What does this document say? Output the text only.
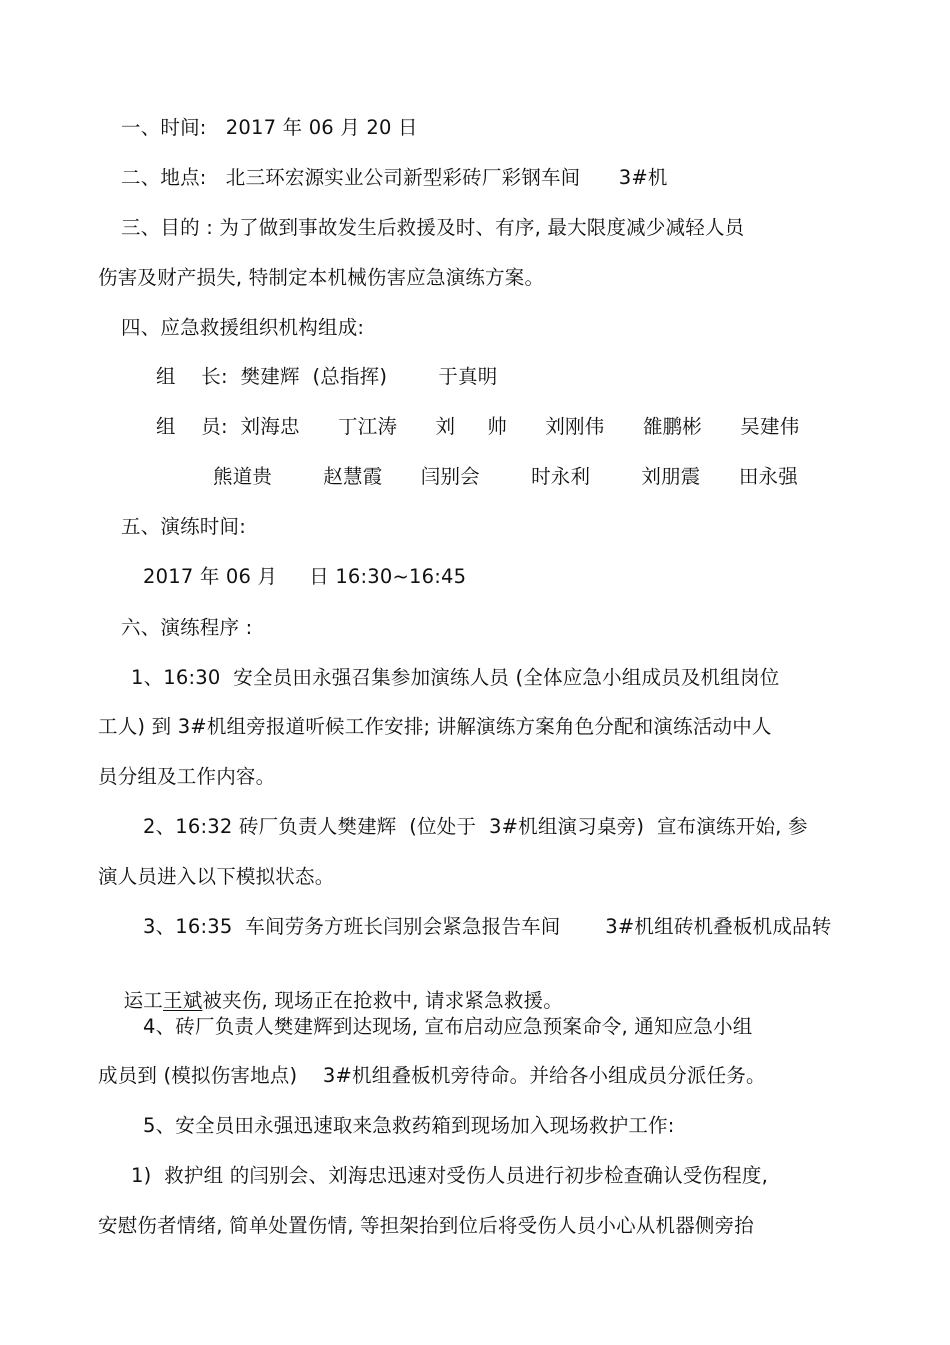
一、时间:   2017 年 06 月 20 日
二、地点:   北三环宏源实业公司新型彩砖厂彩钢车间      3#机
三、目的 : 为了做到事故发生后救援及时、有序, 最大限度减少减轻人员
伤害及财产损失, 特制定本机械伤害应急演练方案。
四、应急救援组织机构组成:
组    长:  樊建辉  (总指挥)        于真明
组    员:  刘海忠      丁江涛      刘     帅      刘刚伟      雒鹏彬      吴建伟
熊道贵        赵慧霞      闫别会        时永利        刘朋震      田永强
五、演练时间:
2017 年 06 月     日 16:30~16:45
六、演练程序 :
1、16:30  安全员田永强召集参加演练人员 (全体应急小组成员及机组岗位
工人) 到 3#机组旁报道听候工作安排; 讲解演练方案角色分配和演练活动中人
员分组及工作内容。
2、16:32 砖厂负责人樊建辉  (位处于  3#机组演习桌旁)  宣布演练开始, 参
演人员进入以下模拟状态。
3、16:35  车间劳务方班长闫别会紧急报告车间       3#机组砖机叠板机成品转

运工王斌被夹伤, 现场正在抢救中, 请求紧急救援。

4、砖厂负责人樊建辉到达现场, 宣布启动应急预案命令, 通知应急小组
成员到 (模拟伤害地点)    3#机组叠板机旁待命。并给各小组成员分派任务。
5、安全员田永强迅速取来急救药箱到现场加入现场救护工作:
1)  救护组 的闫别会、刘海忠迅速对受伤人员进行初步检查确认受伤程度,
安慰伤者情绪, 简单处置伤情, 等担架抬到位后将受伤人员小心从机器侧旁抬
